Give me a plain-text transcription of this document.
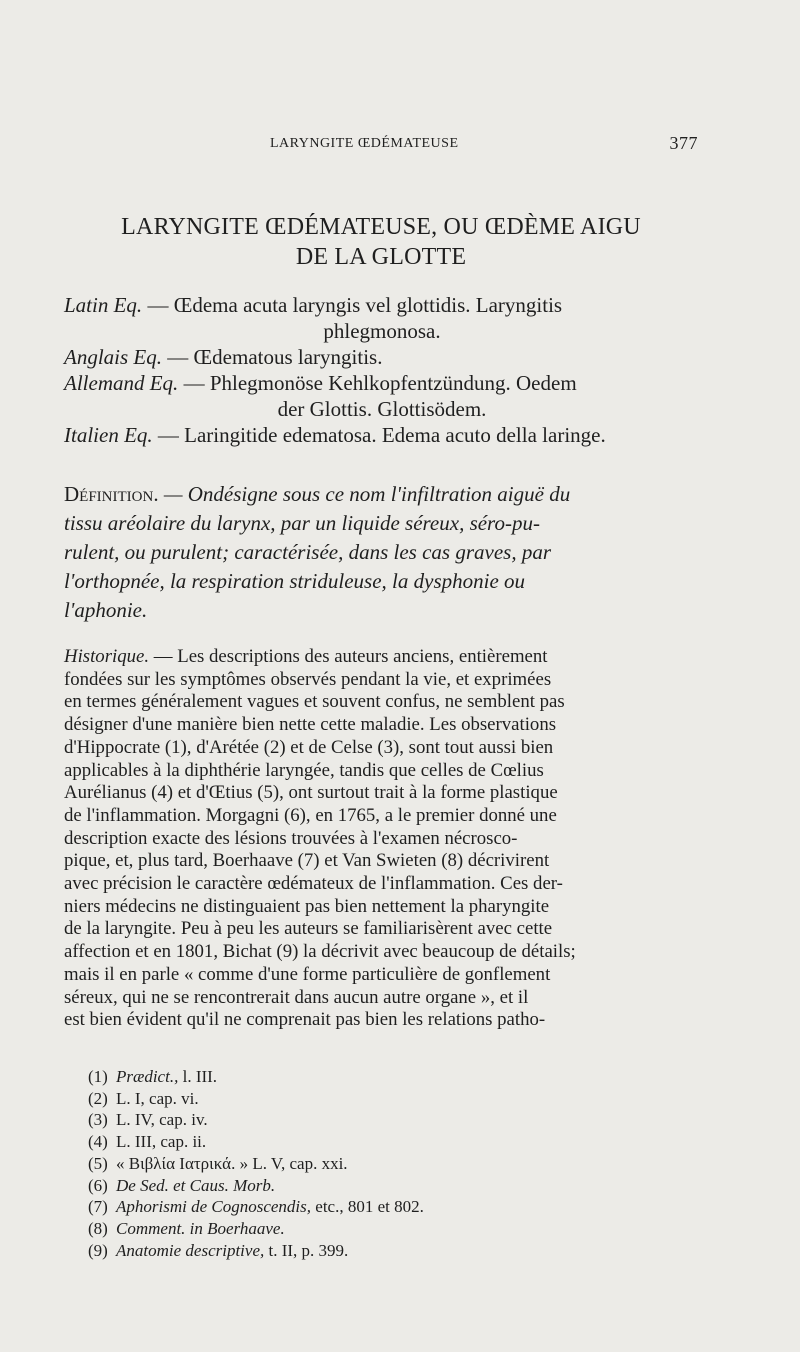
LARYNGITE ŒDÉMATEUSE	377
LARYNGITE ŒDÉMATEUSE, OU ŒDÈME AIGU
DE LA GLOTTE
Latin Eq. — Œdema acuta laryngis vel glottidis. Laryngitis
phlegmonosa.
Anglais Eq. — Œdematous laryngitis.
Allemand Eq. — Phlegmonöse Kehlkopfentzündung. Oedem
der Glottis. Glottisödem.
Italien Eq. — Laringitide edematosa. Edema acuto della laringe.
Définition. — Ondésigne sous ce nom l'infiltration aiguë du
tissu aréolaire du larynx, par un liquide séreux, séro-pu-
rulent, ou purulent; caractérisée, dans les cas graves, par
l'orthopnée, la respiration striduleuse, la dysphonie ou
l'aphonie.
Historique. — Les descriptions des auteurs anciens, entièrement
fondées sur les symptômes observés pendant la vie, et exprimées
en termes généralement vagues et souvent confus, ne semblent pas
désigner d'une manière bien nette cette maladie. Les observations
d'Hippocrate (1), d'Arétée (2) et de Celse (3), sont tout aussi bien
applicables à la diphthérie laryngée, tandis que celles de Cœlius
Aurélianus (4) et d'Œtius (5), ont surtout trait à la forme plastique
de l'inflammation. Morgagni (6), en 1765, a le premier donné une
description exacte des lésions trouvées à l'examen nécrosco-
pique, et, plus tard, Boerhaave (7) et Van Swieten (8) décrivirent
avec précision le caractère œdémateux de l'inflammation. Ces der-
niers médecins ne distinguaient pas bien nettement la pharyngite
de la laryngite. Peu à peu les auteurs se familiarisèrent avec cette
affection et en 1801, Bichat (9) la décrivit avec beaucoup de détails;
mais il en parle « comme d'une forme particulière de gonflement
séreux, qui ne se rencontrerait dans aucun autre organe », et il
est bien évident qu'il ne comprenait pas bien les relations patho-
(1) Prædict., l. III.
(2) L. I, cap. vi.
(3) L. IV, cap. iv.
(4) L. III, cap. ii.
(5) « Βιβλία Ιατρικά. » L. V, cap. xxi.
(6) De Sed. et Caus. Morb.
(7) Aphorismi de Cognoscendis, etc., 801 et 802.
(8) Comment. in Boerhaave.
(9) Anatomie descriptive, t. II, p. 399.
